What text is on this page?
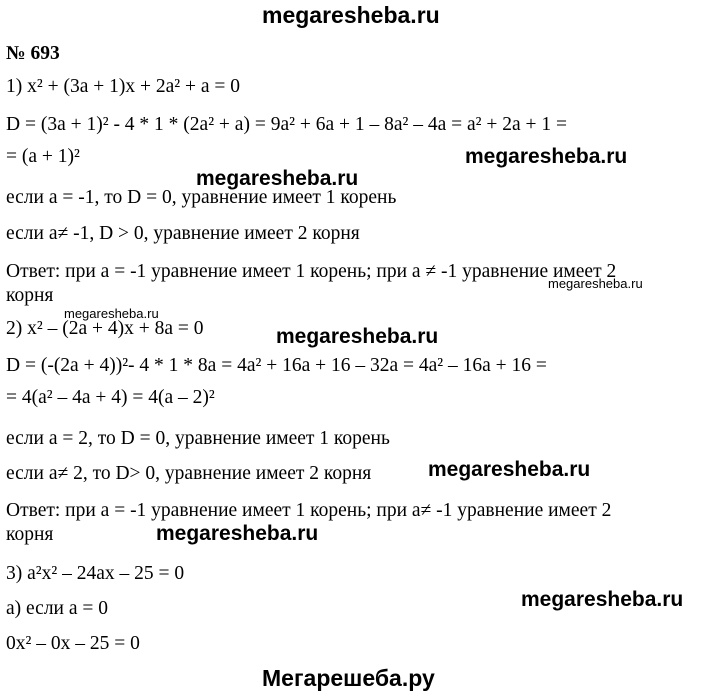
megaresheba.ru
megaresheba.ru
megaresheba.ru
megaresheba.ru
megaresheba.ru
megaresheba.ru
megaresheba.ru
megaresheba.ru
megaresheba.ru
Мегарешеба.ру
№ 693
1) x² + (3a + 1)x + 2a² + a = 0
D = (3a + 1)² - 4 * 1 * (2a² + a) = 9a² + 6a + 1 – 8a² – 4a = a² + 2a + 1 =
= (a + 1)²
если a = -1, то D = 0, уравнение имеет 1 корень
если a≠ -1, D > 0, уравнение имеет 2 корня
Ответ: при a = -1 уравнение имеет 1 корень; при a ≠ -1 уравнение имеет 2
корня
2) x² – (2a + 4)x + 8a = 0
D = (-(2a + 4))²- 4 * 1 * 8a = 4a² + 16a + 16 – 32a = 4a² – 16a + 16 =
= 4(a² – 4a + 4) = 4(a – 2)²
если a = 2, то D = 0, уравнение имеет 1 корень
если a≠ 2, то D> 0, уравнение имеет 2 корня
Ответ: при a = -1 уравнение имеет 1 корень; при a≠ -1 уравнение имеет 2
корня
3) a²x² – 24ax – 25 = 0
а) если a = 0
0x² – 0x – 25 = 0
